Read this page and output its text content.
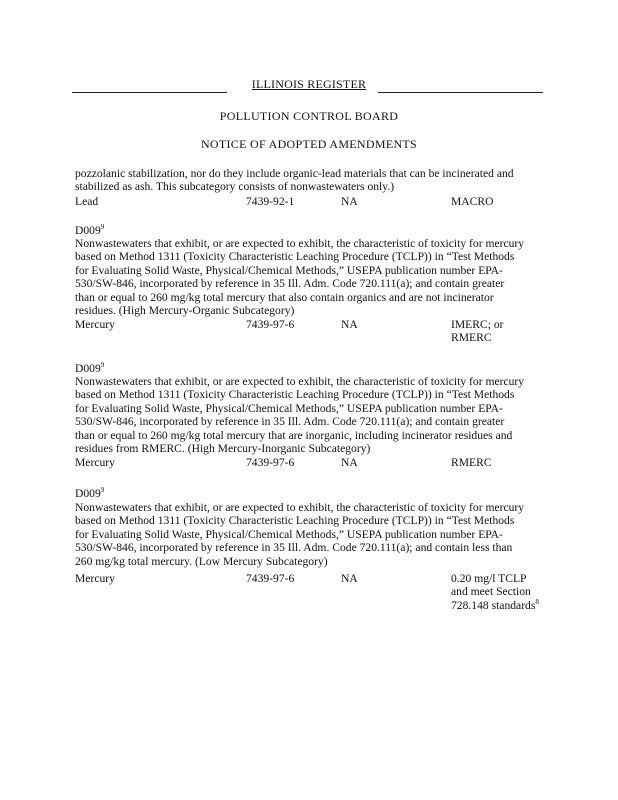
ILLINOIS REGISTER
POLLUTION CONTROL BOARD
NOTICE OF ADOPTED AMENDMENTS
pozzolanic stabilization, nor do they include organic-lead materials that can be incinerated and
stabilized as ash. This subcategory consists of nonwastewaters only.)
Lead	7439-92-1	NA	MACRO
$D009^9$
Nonwastewaters that exhibit, or are expected to exhibit, the characteristic of toxicity for mercury
based on Method 1311 (Toxicity Characteristic Leaching Procedure (TCLP)) in “Test Methods
for Evaluating Solid Waste, Physical/Chemical Methods,” USEPA publication number EPA-
530/SW-846, incorporated by reference in 35 Ill. Adm. Code 720.111(a); and contain greater
than or equal to 260 mg/kg total mercury that also contain organics and are not incinerator
residues. (High Mercury-Organic Subcategory)
Mercury	7439-97-6	NA	IMERC; or
RMERC
$D009^9$
Nonwastewaters that exhibit, or are expected to exhibit, the characteristic of toxicity for mercury
based on Method 1311 (Toxicity Characteristic Leaching Procedure (TCLP)) in “Test Methods
for Evaluating Solid Waste, Physical/Chemical Methods,” USEPA publication number EPA-
530/SW-846, incorporated by reference in 35 Ill. Adm. Code 720.111(a); and contain greater
than or equal to 260 mg/kg total mercury that are inorganic, including incinerator residues and
residues from RMERC. (High Mercury-Inorganic Subcategory)
Mercury	7439-97-6	NA	RMERC
$D009^9$
Nonwastewaters that exhibit, or are expected to exhibit, the characteristic of toxicity for mercury
based on Method 1311 (Toxicity Characteristic Leaching Procedure (TCLP)) in “Test Methods
for Evaluating Solid Waste, Physical/Chemical Methods,” USEPA publication number EPA-
530/SW-846, incorporated by reference in 35 Ill. Adm. Code 720.111(a); and contain less than
260 mg/kg total mercury. (Low Mercury Subcategory)
Mercury	7439-97-6	NA	0.20 mg/l TCLP
and meet Section
728.148 standards$^8$
